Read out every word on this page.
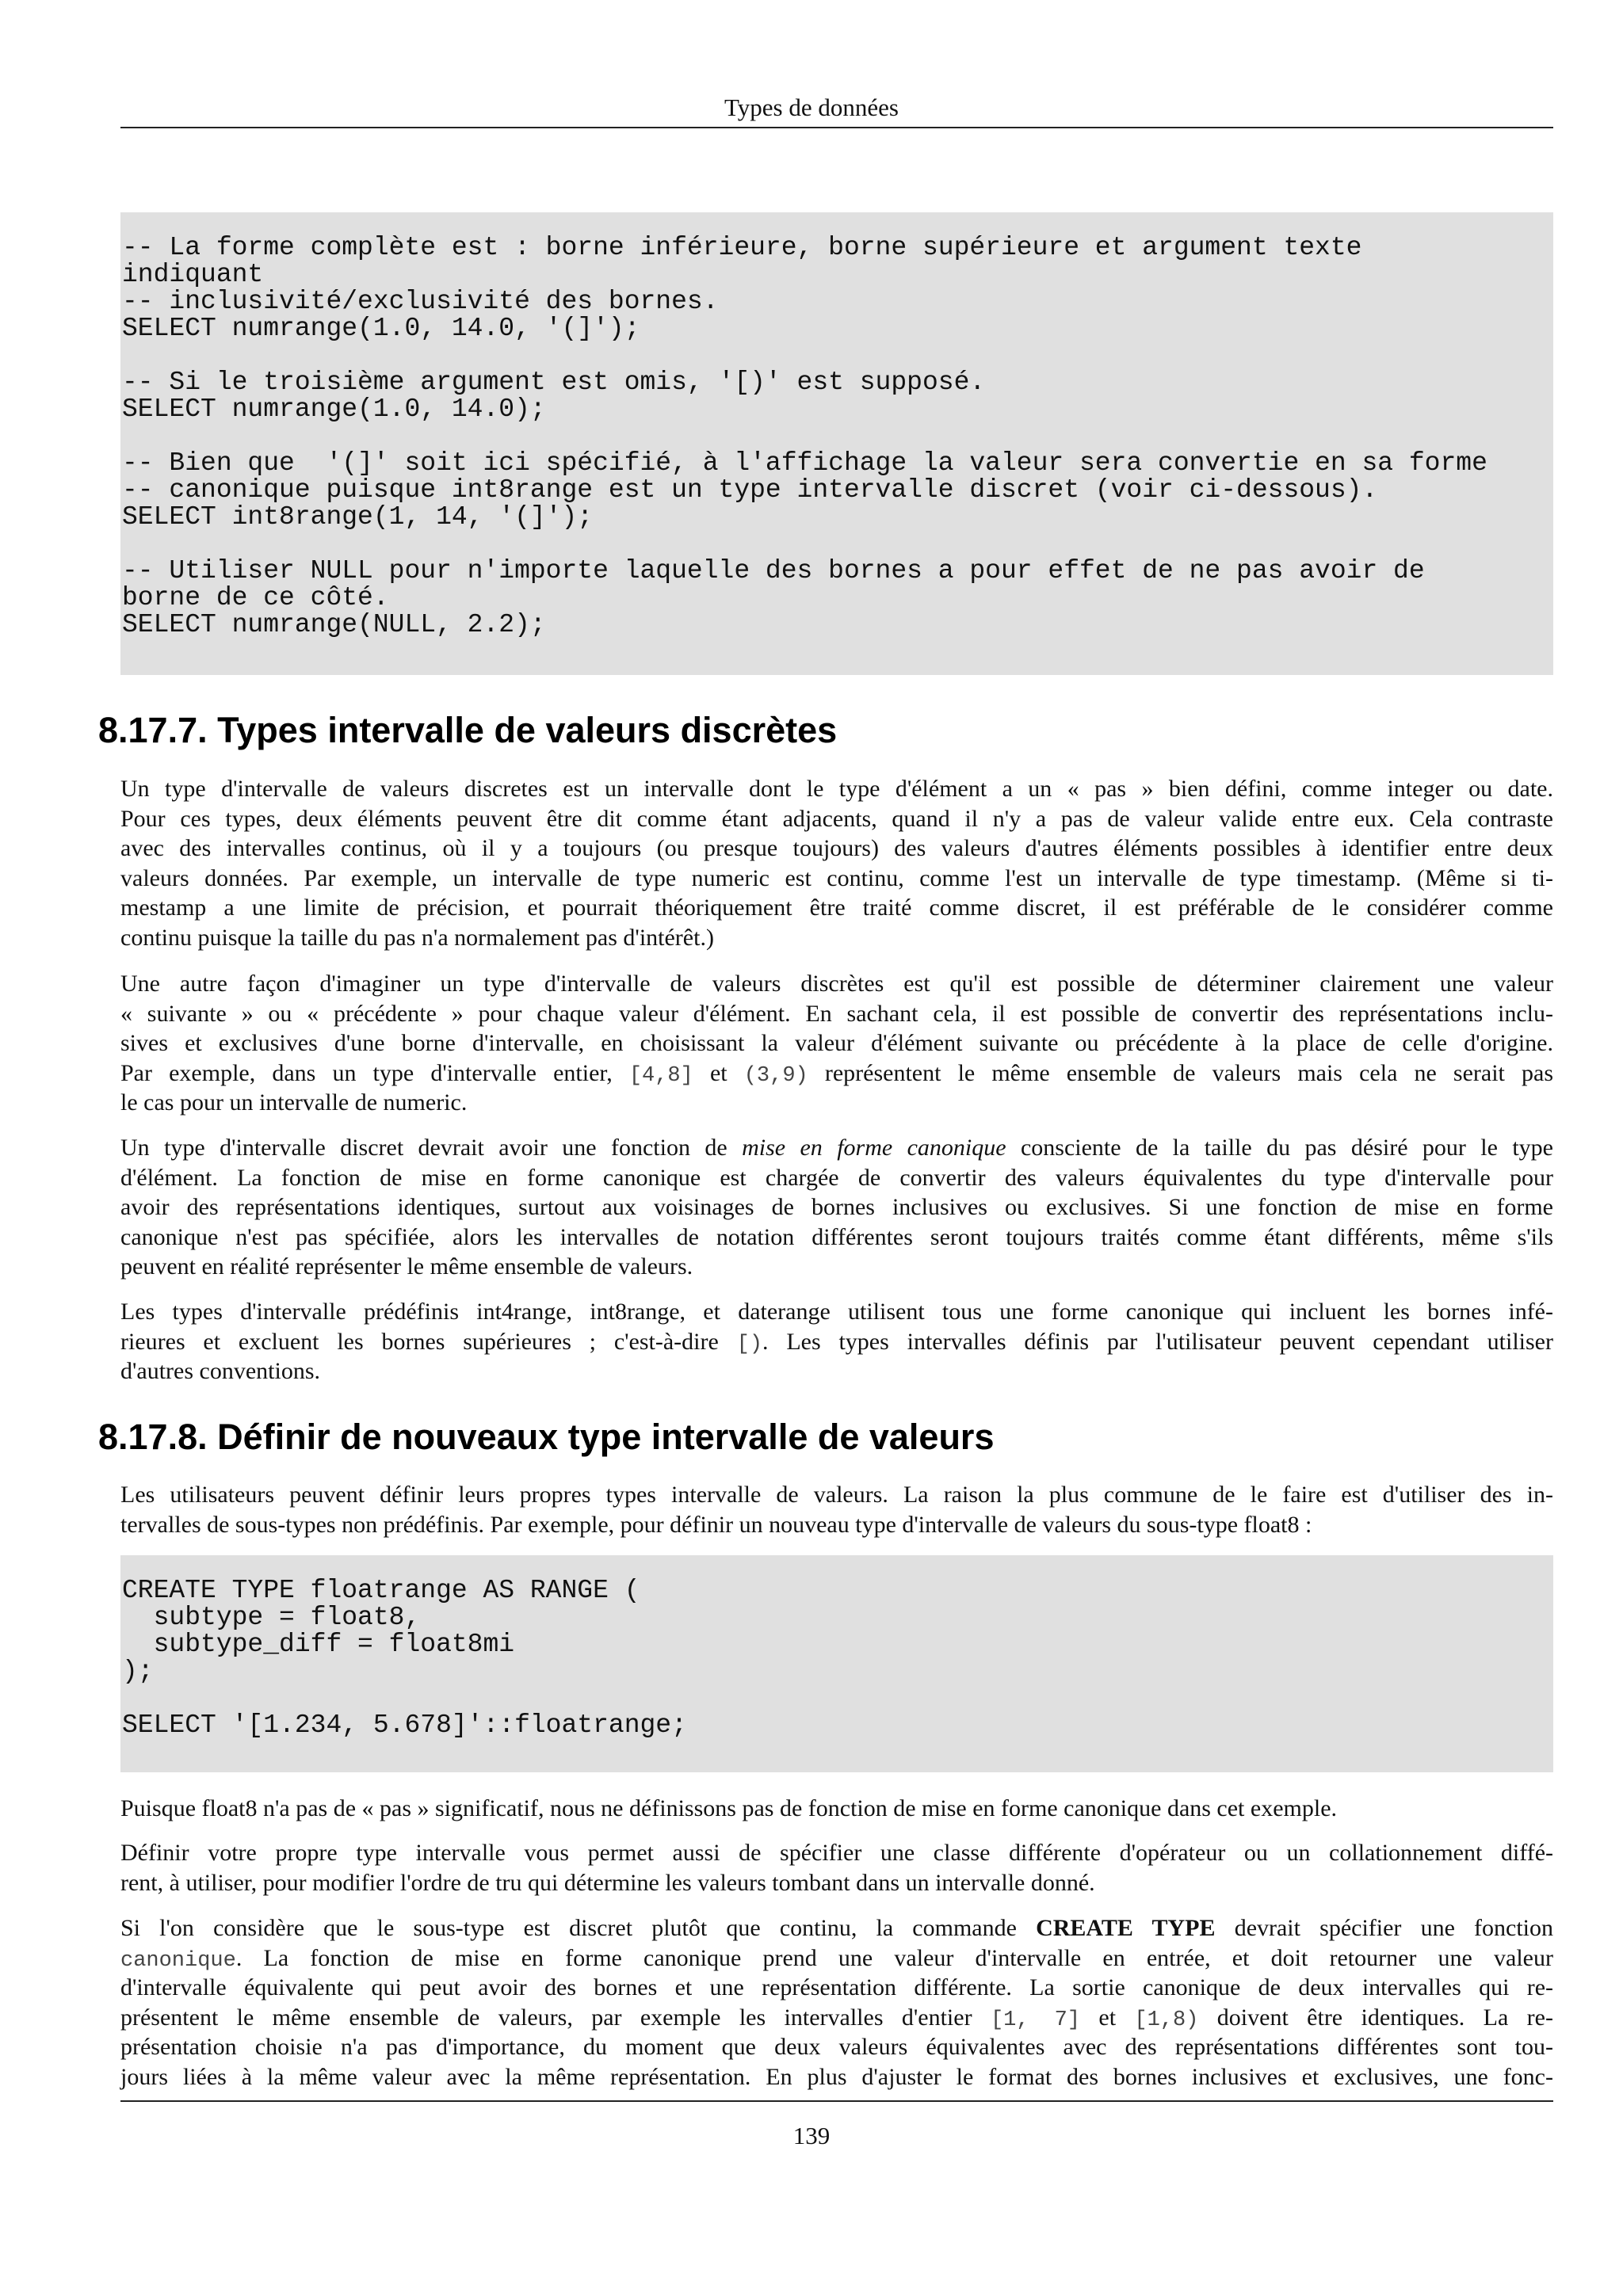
Types de données
-- La forme complète est : borne inférieure, borne supérieure et argument texte
indiquant
-- inclusivité/exclusivité des bornes.
SELECT numrange(1.0, 14.0, '(]');
-- Si le troisième argument est omis, '[)' est supposé.
SELECT numrange(1.0, 14.0);
-- Bien que  '(]' soit ici spécifié, à l'affichage la valeur sera convertie en sa forme
-- canonique puisque int8range est un type intervalle discret (voir ci-dessous).
SELECT int8range(1, 14, '(]');
-- Utiliser NULL pour n'importe laquelle des bornes a pour effet de ne pas avoir de
borne de ce côté.
SELECT numrange(NULL, 2.2);
8.17.7. Types intervalle de valeurs discrètes
Un type d'intervalle de valeurs discretes est un intervalle dont le type d'élément a un « pas » bien défini, comme integer ou date.
Pour ces types, deux éléments peuvent être dit comme étant adjacents, quand il n'y a pas de valeur valide entre eux. Cela contraste
avec des intervalles continus, où il y a toujours (ou presque toujours) des valeurs d'autres éléments possibles à identifier entre deux
valeurs données. Par exemple, un intervalle de type numeric est continu, comme l'est un intervalle de type timestamp. (Même si ti-
mestamp a une limite de précision, et pourrait théoriquement être traité comme discret, il est préférable de le considérer comme
continu puisque la taille du pas n'a normalement pas d'intérêt.)
Une autre façon d'imaginer un type d'intervalle de valeurs discrètes est qu'il est possible de déterminer clairement une valeur
« suivante » ou « précédente » pour chaque valeur d'élément. En sachant cela, il est possible de convertir des représentations inclu-
sives et exclusives d'une borne d'intervalle, en choisissant la valeur d'élément suivante ou précédente à la place de celle d'origine.
Par exemple, dans un type d'intervalle entier, [4,8] et (3,9) représentent le même ensemble de valeurs mais cela ne serait pas
le cas pour un intervalle de numeric.
Un type d'intervalle discret devrait avoir une fonction de mise en forme canonique consciente de la taille du pas désiré pour le type
d'élément. La fonction de mise en forme canonique est chargée de convertir des valeurs équivalentes du type d'intervalle pour
avoir des représentations identiques, surtout aux voisinages de bornes inclusives ou exclusives. Si une fonction de mise en forme
canonique n'est pas spécifiée, alors les intervalles de notation différentes seront toujours traités comme étant différents, même s'ils
peuvent en réalité représenter le même ensemble de valeurs.
Les types d'intervalle prédéfinis int4range, int8range, et daterange utilisent tous une forme canonique qui incluent les bornes infé-
rieures et excluent les bornes supérieures ; c'est-à-dire [). Les types intervalles définis par l'utilisateur peuvent cependant utiliser
d'autres conventions.
8.17.8. Définir de nouveaux type intervalle de valeurs
Les utilisateurs peuvent définir leurs propres types intervalle de valeurs. La raison la plus commune de le faire est d'utiliser des in-
tervalles de sous-types non prédéfinis. Par exemple, pour définir un nouveau type d'intervalle de valeurs du sous-type float8 :
CREATE TYPE floatrange AS RANGE (
subtype = float8,
subtype_diff = float8mi
);
SELECT '[1.234, 5.678]'::floatrange;
Puisque float8 n'a pas de « pas » significatif, nous ne définissons pas de fonction de mise en forme canonique dans cet exemple.
Définir votre propre type intervalle vous permet aussi de spécifier une classe différente d'opérateur ou un collationnement diffé-
rent, à utiliser, pour modifier l'ordre de tru qui détermine les valeurs tombant dans un intervalle donné.
Si l'on considère que le sous-type est discret plutôt que continu, la commande CREATE TYPE devrait spécifier une fonction
canonique. La fonction de mise en forme canonique prend une valeur d'intervalle en entrée, et doit retourner une valeur
d'intervalle équivalente qui peut avoir des bornes et une représentation différente. La sortie canonique de deux intervalles qui re-
présentent le même ensemble de valeurs, par exemple les intervalles d'entier [1, 7] et [1,8) doivent être identiques. La re-
présentation choisie n'a pas d'importance, du moment que deux valeurs équivalentes avec des représentations différentes sont tou-
jours liées à la même valeur avec la même représentation. En plus d'ajuster le format des bornes inclusives et exclusives, une fonc-
139
